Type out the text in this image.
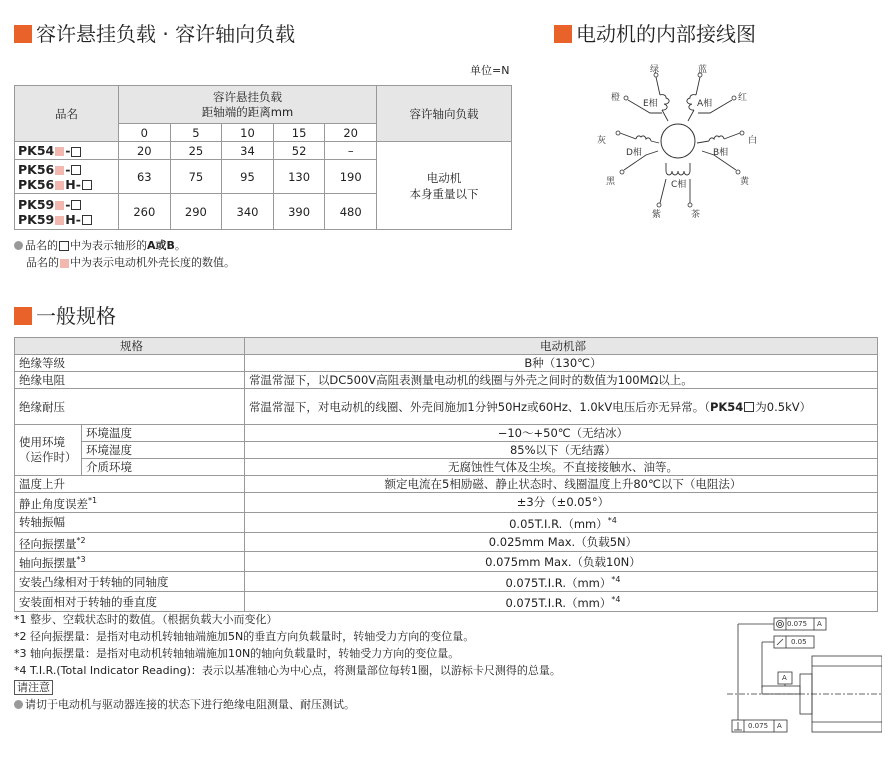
容许悬挂负载 · 容许轴向负载
单位=N
品名	容许悬挂负载
距轴端的距离mm					容许轴向负载
	0	5	10	15	20	
PK54 -	20	25	34	52	–	电动机
本身重量以下
PK56 -
PK56 H-	63	75	95	130	190	
PK59 -
PK59 H-	260	290	340	390	480	
品名的 中为表示轴形的A或B。
品名的 中为表示电动机外壳长度的数值。
电动机的内部接线图
绿	蓝
橙	红
灰	白
黑	黄
紫	茶
E相	A相
D相	B相
C相
一般规格
规格		电动机部
绝缘等级		B种（130℃）
绝缘电阻		常温常湿下，以DC500V高阻表测量电动机的线圈与外壳之间时的数值为100MΩ以上。
绝缘耐压		常温常湿下，对电动机的线圈、外壳间施加1分钟50Hz或60Hz、1.0kV电压后亦无异常。（PK54 为0.5kV）
使用环境
（运作时）	环境温度	−10～+50℃（无结冰）
	环境湿度	85%以下（无结露）
	介质环境	无腐蚀性气体及尘埃。不直接接触水、油等。
温度上升		额定电流在5相励磁、静止状态时、线圈温度上升80℃以下（电阻法）
静止角度误差$^{*1}$		±3分（±0.05°）
转轴振幅		0.05T.I.R.（mm）$^{*4}$
径向振摆量$^{*2}$		0.025mm Max.（负载5N）
轴向振摆量$^{*3}$		0.075mm Max.（负载10N）
安装凸缘相对于转轴的同轴度		0.075T.I.R.（mm）$^{*4}$
安装面相对于转轴的垂直度		0.075T.I.R.（mm）$^{*4}$
*1 整步、空载状态时的数值。（根据负载大小而变化）
*2 径向振摆量：是指对电动机转轴轴端施加5N的垂直方向负载量时，转轴受力方向的变位量。
*3 轴向振摆量：是指对电动机转轴轴端施加10N的轴向负载量时，转轴受力方向的变位量。
*4 T.I.R.(Total Indicator Reading)：表示以基准轴心为中心点，将测量部位每转1圈，以游标卡尺测得的总量。
请注意
请切于电动机与驱动器连接的状态下进行绝缘电阻测量、耐压测试。
0.075 A
0.05
A
0.075 A
